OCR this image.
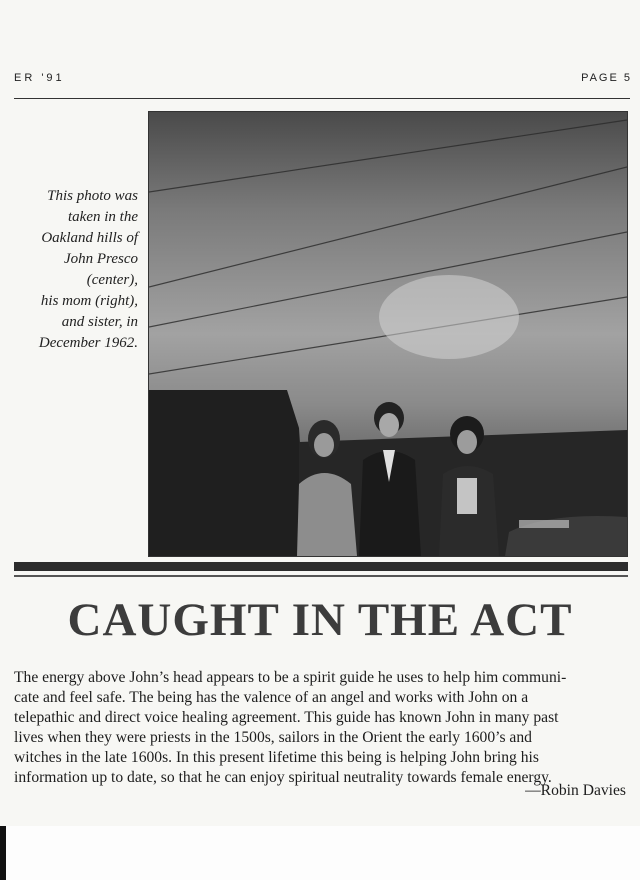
ER '91	PAGE 5
This photo was
taken in the
Oakland hills of
John Presco
(center),
his mom (right),
and sister, in
December 1962.
CAUGHT IN THE ACT
The energy above John’s head appears to be a spirit guide he uses to help him communi-
cate and feel safe. The being has the valence of an angel and works with John on a
telepathic and direct voice healing agreement. This guide has known John in many past
lives when they were priests in the 1500s, sailors in the Orient the early 1600’s and
witches in the late 1600s. In this present lifetime this being is helping John bring his
information up to date, so that he can enjoy spiritual neutrality towards female energy.
—Robin Davies
